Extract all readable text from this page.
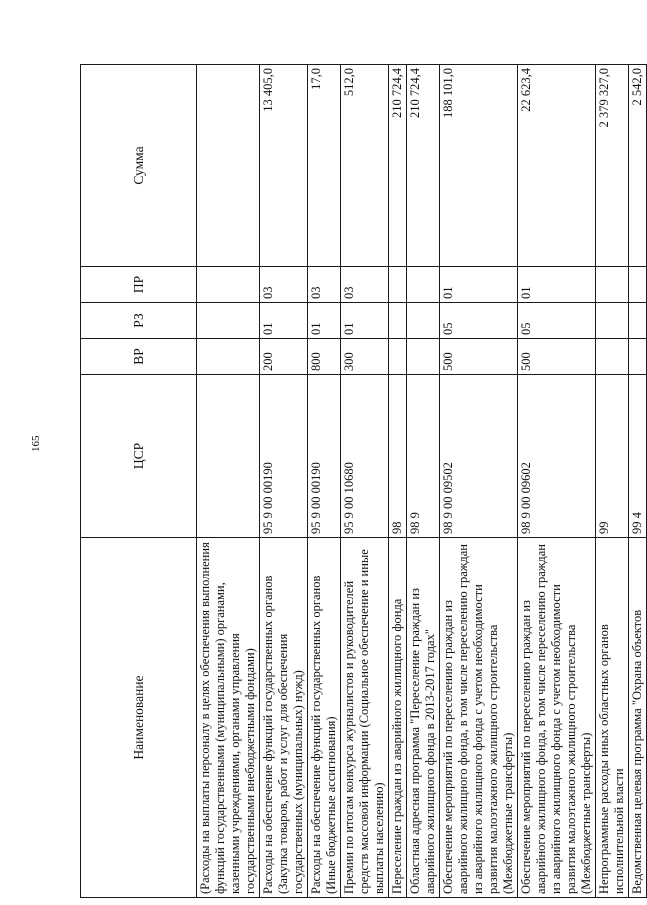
165
Наименование	ЦСР	ВР	РЗ	ПР	Сумма
(Расходы на выплаты персоналу в целях обеспечения выполнения функций государственными (муниципальными) органами, казенными учреждениями, органами управления государственными внебюджетными фондами)					
Расходы на обеспечение функций государственных органов (Закупка товаров, работ и услуг для обеспечения государственных (муниципальных) нужд)	95 9 00 00190	200	01	03	13 405,0
Расходы на обеспечение функций государственных органов (Иные бюджетные ассигнования)	95 9 00 00190	800	01	03	17,0
Премии по итогам конкурса журналистов и руководителей средств массовой информации (Социальное обеспечение и иные выплаты населению)	95 9 00 10680	300	01	03	512,0
Переселение граждан из аварийного жилищного фонда	98				210 724,4
Областная адресная программа "Переселение граждан из аварийного жилищного фонда в 2013-2017 годах"	98 9				210 724,4
Обеспечение мероприятий по переселению граждан из аварийного жилищного фонда, в том числе переселению граждан из аварийного жилищного фонда с учетом необходимости развития малоэтажного жилищного строительства (Межбюджетные трансферты)	98 9 00 09502	500	05	01	188 101,0
Обеспечение мероприятий по переселению граждан из аварийного жилищного фонда, в том числе переселению граждан из аварийного жилищного фонда с учетом необходимости развития малоэтажного жилищного строительства (Межбюджетные трансферты)	98 9 00 09602	500	05	01	22 623,4
Непрограммные расходы иных областных органов исполнительной власти	99				2 379 327,0
Ведомственная целевая программа "Охрана объектов	99 4				2 542,0
